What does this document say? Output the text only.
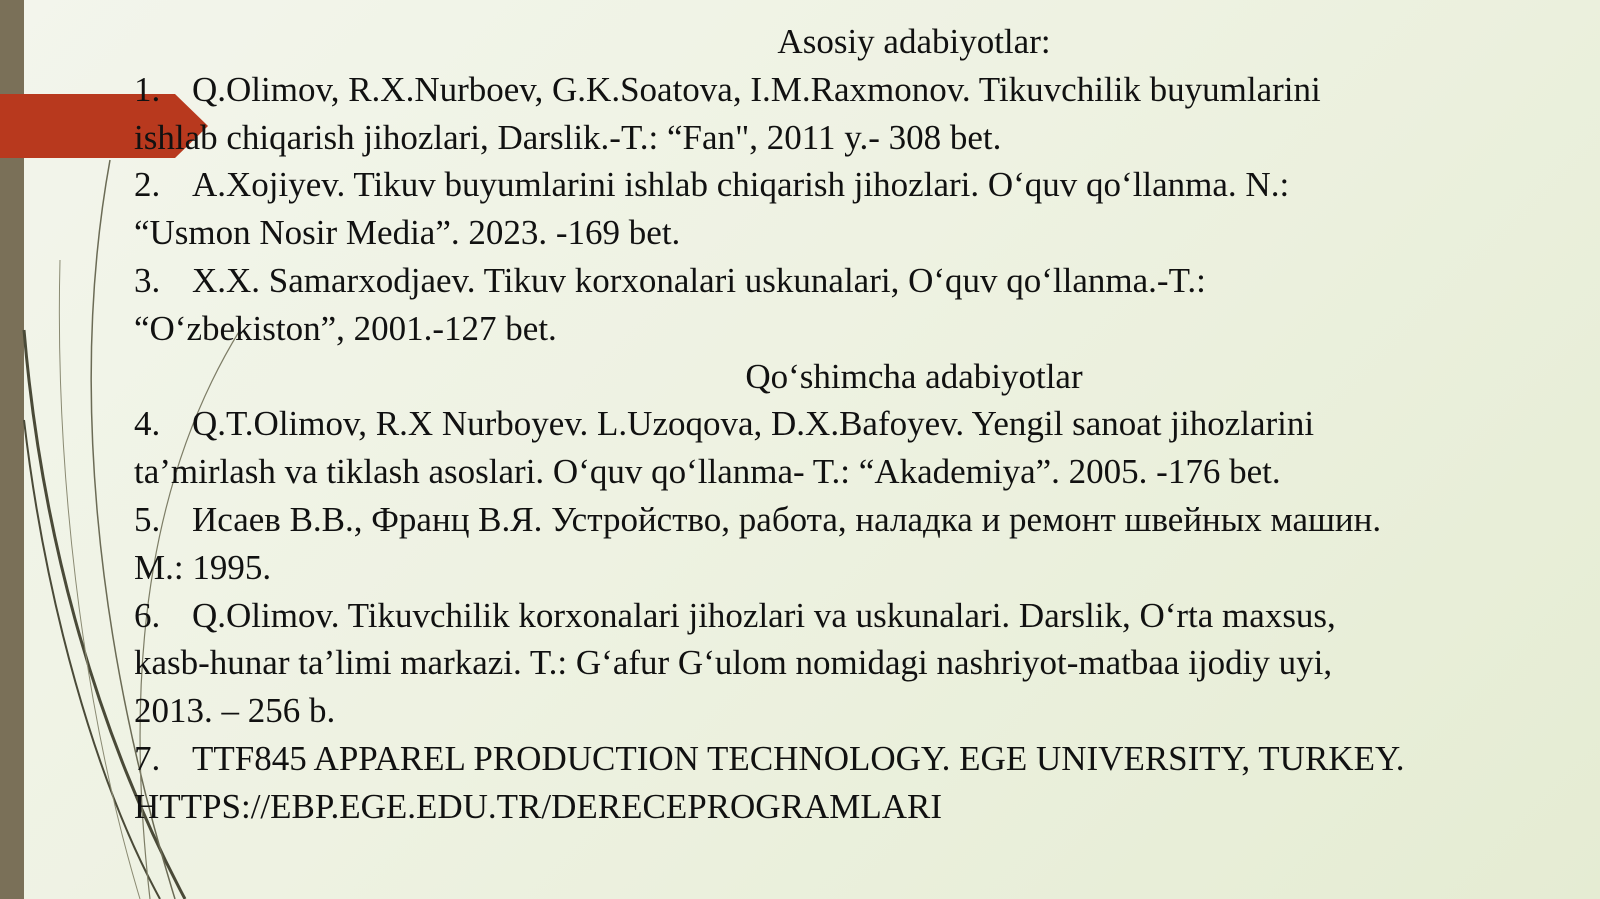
Asosiy adabiyotlar:
1. Q.Olimov, R.X.Nurboev, G.K.Soatova, I.M.Raxmonov. Tikuvchilik buyumlarini
ishlab chiqarish jihozlari, Darslik.-T.: “Fan", 2011 y.- 308 bet.
2. A.Xojiyev. Tikuv buyumlarini ishlab chiqarish jihozlari. Oʻquv qoʻllanma. N.:
“Usmon Nosir Media”. 2023. -169 bet.
3. X.X. Samarxodjaev. Tikuv korxonalari uskunalari, Oʻquv qoʻllanma.-T.:
“Oʻzbekiston”, 2001.-127 bet.
Qoʻshimcha adabiyotlar
4. Q.T.Olimov, R.X Nurboyev. L.Uzoqova, D.X.Bafoyev. Yengil sanoat jihozlarini
ta’mirlash va tiklash asoslari. Oʻquv qoʻllanma- T.: “Akademiya”. 2005. -176 bet.
5. Исаев В.В., Франц В.Я. Устройство, работа, наладка и ремонт швейных машин.
М.: 1995.
6. Q.Olimov. Tikuvchilik korxonalari jihozlari va uskunalari. Darslik, Oʻrta maxsus,
kasb-hunar ta’limi markazi. T.: Gʻafur Gʻulom nomidagi nashriyot-matbaa ijodiy uyi,
2013. – 256 b.
7. TTF845 APPAREL PRODUCTION TECHNOLOGY. EGE UNIVERSITY, TURKEY.
HTTPS://EBP.EGE.EDU.TR/DERECEPROGRAMLARI
